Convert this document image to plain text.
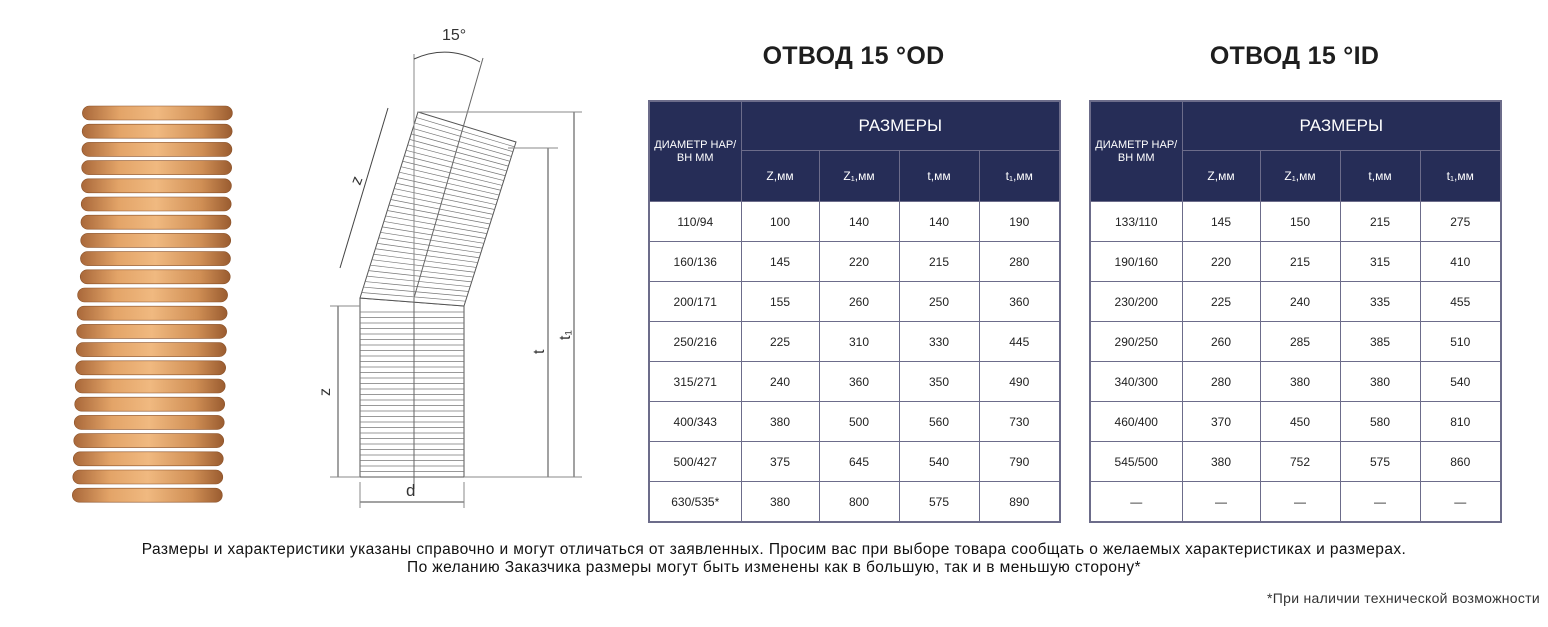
15°
z
z
t
t₁
d
ОТВОД 15 °OD	ОТВОД 15 °ID
ДИАМЕТР НАР/ВН ММ	РАЗМЕРЫ			
	Z,мм	Z₁,мм	t,мм	t₁,мм
110/94	100	140	140	190
160/136	145	220	215	280
200/171	155	260	250	360
250/216	225	310	330	445
315/271	240	360	350	490
400/343	380	500	560	730
500/427	375	645	540	790
630/535*	380	800	575	890
ДИАМЕТР НАР/ВН ММ	РАЗМЕРЫ			
	Z,мм	Z₁,мм	t,мм	t₁,мм
133/110	145	150	215	275
190/160	220	215	315	410
230/200	225	240	335	455
290/250	260	285	385	510
340/300	280	380	380	540
460/400	370	450	580	810
545/500	380	752	575	860
—	—	—	—	—
Размеры и характеристики указаны справочно и могут отличаться от заявленных. Просим вас при выборе товара сообщать о желаемых характеристиках и размерах.
По желанию Заказчика размеры могут быть изменены как в большую, так и в меньшую сторону*
*При наличии технической возможности
